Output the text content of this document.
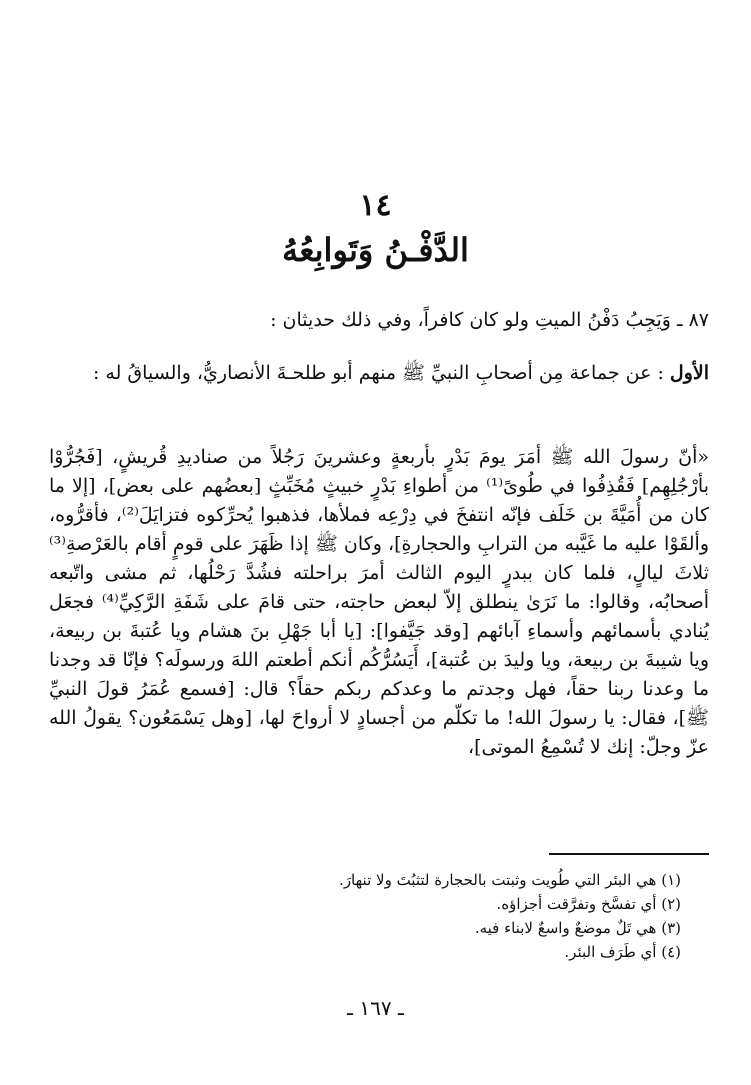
١٤
الدَّفْـنُ وَتَوابِعُهُ

٨٧ ـ وَيَجِبُ دَفْنُ الميتِ ولو كان كافراً، وفي ذلك حديثان :

الأول : عن جماعة مِن أصحابِ النبيِّ ﷺ منهم أبو طلحـةَ الأنصاريُّ، والسياقُ له :

«أنّ رسولَ الله ﷺ أمَرَ يومَ بَدْرٍ بأربعةٍ وعشرينَ رَجُلاً من صناديدِ قُريشٍ، [فَجُرُّوْا بأرْجُلِهِم] فَقُذِفُوا في طُوىً⁽¹⁾ من أطواءِ بَدْرٍ خبيثٍ مُخَبِّثٍ [بعضُهم على بعض]، [إلا ما كان من أُمَيَّةَ بن خَلَف فإنّه انتفخَ في دِرْعِه فملأها، فذهبوا يُحرِّكوه فتزايَلَ⁽²⁾، فأقرُّوه، وألقَوْا عليه ما غَيَّبه من الترابِ والحجارةِ]، وكان ﷺ إذا ظَهَرَ على قومٍ أقام بالعَرْصةِ⁽³⁾ ثلاثَ ليالٍ، فلما كان ببدرٍ اليوم الثالث أمرَ براحلته فشُدَّ رَحْلُها، ثم مشى واتّبعه أصحابُه، وقالوا: ما نَرَىٰ ينطلق إلاّ لبعض حاجته، حتى قامَ على شَفَةِ الرَّكِيِّ⁽⁴⁾ فجعَل يُنادي بأسمائهم وأسماءِ آبائهم [وقد جَيَّفوا]: [يا أبا جَهْلِ بنَ هشام ويا عُتبةَ بن ربيعة، ويا شيبةَ بن ربيعة، ويا وليدَ بن عُتبة]، أَيَسُرُّكُم أنكم أطعتم اللهَ ورسولَه؟ فإنّا قد وجدنا ما وعدنا ربنا حقاً، فهل وجدتم ما وعدكم ربكم حقاً؟ قال: [فسمع عُمَرُ قولَ النبيِّ ﷺ]، فقال: يا رسولَ الله! ما تكلّم من أجسادٍ لا أرواحَ لها، [وهل يَسْمَعُون؟ يقولُ الله عزّ وجلّ: إنك لا تُسْمِعُ الموتى]،

(١) هي البئر التي طُويت وثبتت بالحجارة لتثبُتَ ولا تنهارَ.
(٢) أي تفسَّخ وتفرَّقت أجزاؤه.
(٣) هي تَلٌ موضعٌ واسعٌ لابناء فيه.
(٤) أي طَرَف البئر.
ـ ١٦٧ ـ
